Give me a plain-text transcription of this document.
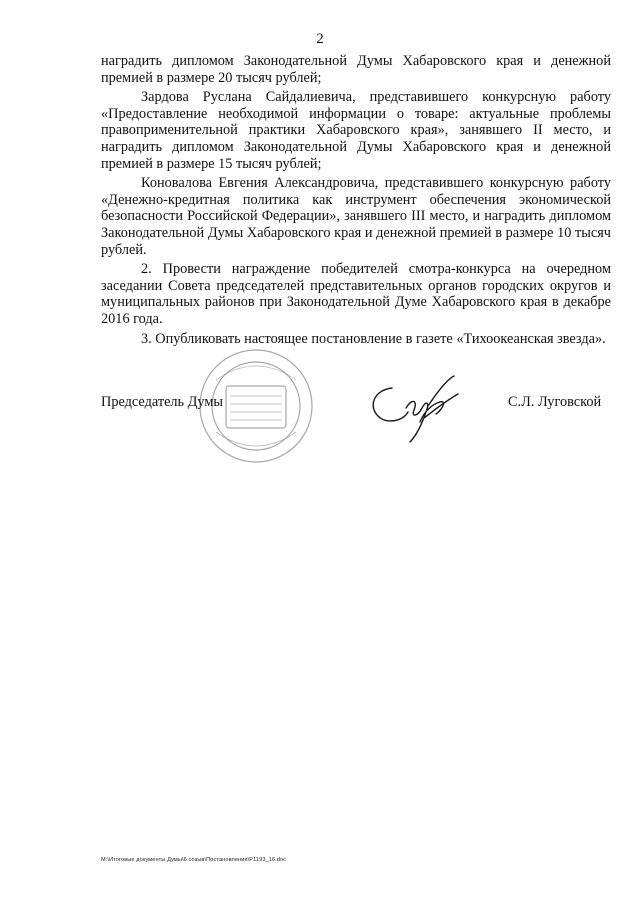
2

наградить дипломом Законодательной Думы Хабаровского края и денежной премией в размере 20 тысяч рублей;

Зардова Руслана Сайдалиевича, представившего конкурсную работу «Предоставление необходимой информации о товаре: актуальные проблемы правоприменительной практики Хабаровского края», занявшего II место, и наградить дипломом Законодательной Думы Хабаровского края и денежной премией в размере 15 тысяч рублей;

Коновалова Евгения Александровича, представившего конкурсную работу «Денежно-кредитная политика как инструмент обеспечения экономической безопасности Российской Федерации», занявшего III место, и наградить дипломом Законодательной Думы Хабаровского края и денежной премией в размере 10 тысяч рублей.

2. Провести награждение победителей смотра-конкурса на очередном заседании Совета председателей представительных органов городских округов и муниципальных районов при Законодательной Думе Хабаровского края в декабре 2016 года.

3. Опубликовать настоящее постановление в газете «Тихоокеанская звезда».

Председатель Думы	С.Л. Луговской
M:\Итоговые документы Думы\6 созыв\Постановления\P1193_16.doc
